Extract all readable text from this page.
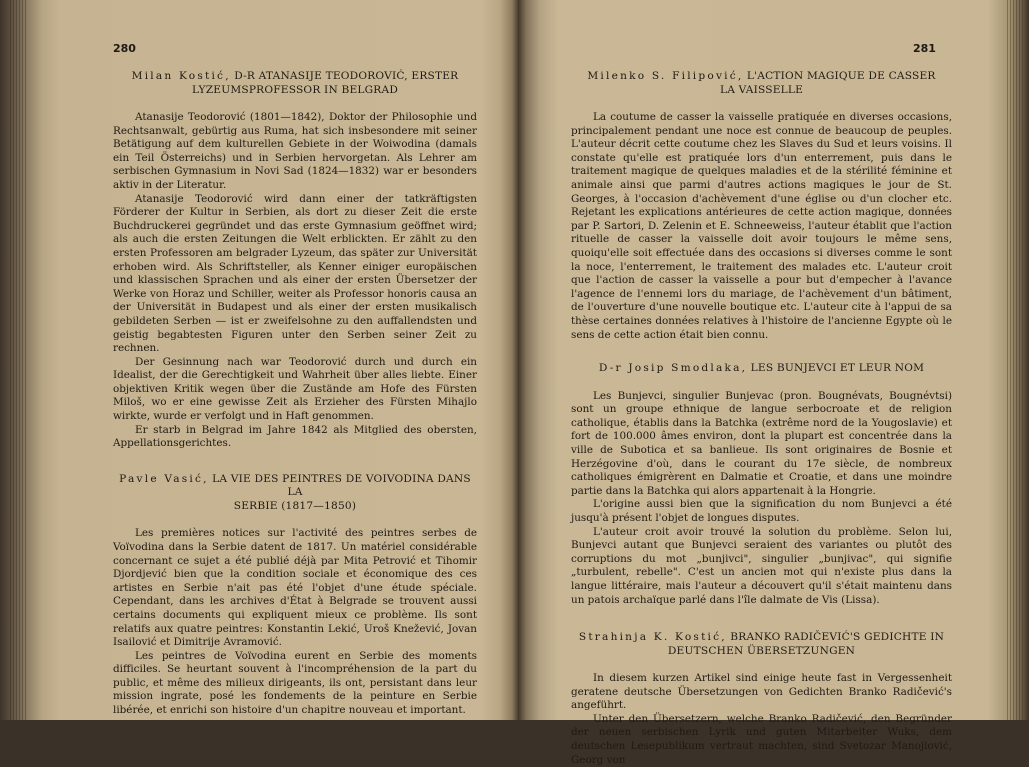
280
Milan Kostić, D-R ATANASIJE TEODOROVIĆ, ERSTER
LYZEUMSPROFESSOR IN BELGRAD

Atanasije Teodorović (1801—1842), Doktor der Philosophie und Rechtsanwalt, gebürtig aus Ruma, hat sich insbesondere mit seiner Betätigung auf dem kulturellen Gebiete in der Woiwodina (damals ein Teil Österreichs) und in Serbien hervorgetan. Als Lehrer am serbischen Gymnasium in Novi Sad (1824—1832) war er besonders aktiv in der Literatur.

Atanasije Teodorović wird dann einer der tatkräftigsten Förderer der Kultur in Serbien, als dort zu dieser Zeit die erste Buchdruckerei gegründet und das erste Gymnasium geöffnet wird; als auch die ersten Zeitungen die Welt erblickten. Er zählt zu den ersten Professoren am belgrader Lyzeum, das später zur Universität erhoben wird. Als Schriftsteller, als Kenner einiger europäischen und klassischen Sprachen und als einer der ersten Übersetzer der Werke von Horaz und Schiller, weiter als Professor honoris causa an der Universität in Budapest und als einer der ersten musikalisch gebildeten Serben — ist er zweifelsohne zu den auffallendsten und geistig begabtesten Figuren unter den Serben seiner Zeit zu rechnen.

Der Gesinnung nach war Teodorović durch und durch ein Idealist, der die Gerechtigkeit und Wahrheit über alles liebte. Einer objektiven Kritik wegen über die Zustände am Hofe des Fürsten Miloš, wo er eine gewisse Zeit als Erzieher des Fürsten Mihajlo wirkte, wurde er verfolgt und in Haft genommen.

Er starb in Belgrad im Jahre 1842 als Mitglied des obersten, Appellationsgerichtes.

Pavle Vasić, LA VIE DES PEINTRES DE VOIVODINA DANS LA
SERBIE (1817—1850)

Les premières notices sur l'activité des peintres serbes de Voïvodina dans la Serbie datent de 1817. Un matériel considérable concernant ce sujet a été publié déjà par Mita Petrović et Tihomir Djordjević bien que la condition sociale et économique des ces artistes en Serbie n'ait pas été l'objet d'une étude spéciale. Cependant, dans les archives d'État à Belgrade se trouvent aussi certains documents qui expliquent mieux ce problème. Ils sont relatifs aux quatre peintres: Konstantin Lekić, Uroš Knežević, Jovan Isailović et Dimitrije Avramović.

Les peintres de Voïvodina eurent en Serbie des moments difficiles. Se heurtant souvent à l'incompréhension de la part du public, et même des milieux dirigeants, ils ont, persistant dans leur mission ingrate, posé les fondements de la peinture en Serbie libérée, et enrichi son histoire d'un chapitre nouveau et important.

281
Milenko S. Filipović, L'ACTION MAGIQUE DE CASSER
LA VAISSELLE

La coutume de casser la vaisselle pratiquée en diverses occasions, principalement pendant une noce est connue de beaucoup de peuples. L'auteur décrit cette coutume chez les Slaves du Sud et leurs voisins. Il constate qu'elle est pratiquée lors d'un enterrement, puis dans le traitement magique de quelques maladies et de la stérilité féminine et animale ainsi que parmi d'autres actions magiques le jour de St. Georges, à l'occasion d'achèvement d'une église ou d'un clocher etc. Rejetant les explications antérieures de cette action magique, données par P. Sartori, D. Zelenin et E. Schneeweiss, l'auteur établit que l'action rituelle de casser la vaisselle doit avoir toujours le même sens, quoiqu'elle soit effectuée dans des occasions si diverses comme le sont la noce, l'enterrement, le traitement des malades etc. L'auteur croit que l'action de casser la vaisselle a pour but d'empecher à l'avance l'agence de l'ennemi lors du mariage, de l'achèvement d'un bâtiment, de l'ouverture d'une nouvelle boutique etc. L'auteur cite à l'appui de sa thèse certaines données relatives à l'histoire de l'ancienne Egypte où le sens de cette action était bien connu.

D-r Josip Smodlaka, LES BUNJEVCI ET LEUR NOM

Les Bunjevci, singulier Bunjevac (pron. Bougnévats, Bougnévtsi) sont un groupe ethnique de langue serbocroate et de religion catholique, établis dans la Batchka (extrême nord de la Yougoslavie) et fort de 100.000 âmes environ, dont la plupart est concentrée dans la ville de Subotica et sa banlieue. Ils sont originaires de Bosnie et Herzégovine d'où, dans le courant du 17e siècle, de nombreux catholiques émigrèrent en Dalmatie et Croatie, et dans une moindre partie dans la Batchka qui alors appartenait à la Hongrie.

L'origine aussi bien que la signification du nom Bunjevci a été jusqu'à présent l'objet de longues disputes.

L'auteur croit avoir trouvé la solution du problème. Selon lui, Bunjevci autant que Bunjevci seraient des variantes ou plutôt des corruptions du mot „bunjivci", singulier „bunjivac", qui signifie „turbulent, rebelle". C'est un ancien mot qui n'existe plus dans la langue littéraire, mais l'auteur a découvert qu'il s'était maintenu dans un patois archaïque parlé dans l'île dalmate de Vis (Lissa).

Strahinja K. Kostić, BRANKO RADIČEVIĆ'S GEDICHTE IN
DEUTSCHEN ÜBERSETZUNGEN

In diesem kurzen Artikel sind einige heute fast in Vergessenheit geratene deutsche Übersetzungen von Gedichten Branko Radičević's angeführt.

Unter den Übersetzern, welche Branko Radičević, den Begründer der neuen serbischen Lyrik und guten Mitarbeiter Wuks, dem deutschen Lesepublikum vertraut machten, sind Svetozar Manojlović, Georg von
